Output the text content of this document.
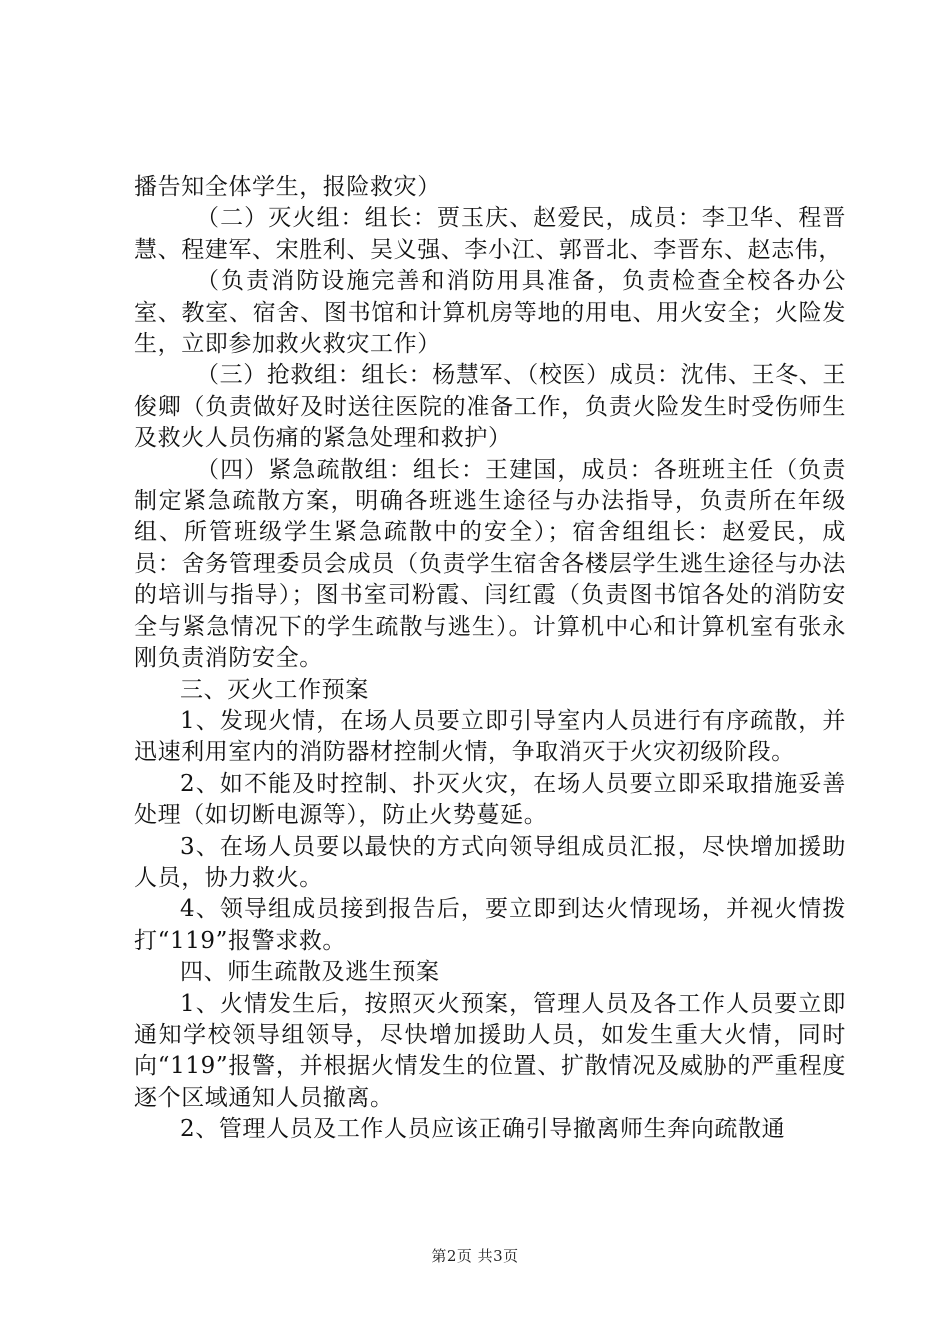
播告知全体学生，报险救灾）

（二）灭火组：组长：贾玉庆、赵爱民，成员：李卫华、程晋慧、程建军、宋胜利、吴义强、李小江、郭晋北、李晋东、赵志伟，

（负责消防设施完善和消防用具准备，负责检查全校各办公室、教室、宿舍、图书馆和计算机房等地的用电、用火安全；火险发生，立即参加救火救灾工作）

（三）抢救组：组长：杨慧军、（校医）成员：沈伟、王冬、王俊卿（负责做好及时送往医院的准备工作，负责火险发生时受伤师生及救火人员伤痛的紧急处理和救护）

（四）紧急疏散组：组长：王建国，成员：各班班主任（负责制定紧急疏散方案，明确各班逃生途径与办法指导，负责所在年级组、所管班级学生紧急疏散中的安全）；宿舍组组长：赵爱民，成员：舍务管理委员会成员（负责学生宿舍各楼层学生逃生途径与办法的培训与指导）；图书室司粉霞、闫红霞（负责图书馆各处的消防安全与紧急情况下的学生疏散与逃生）。计算机中心和计算机室有张永刚负责消防安全。

三、灭火工作预案

1、发现火情，在场人员要立即引导室内人员进行有序疏散，并迅速利用室内的消防器材控制火情，争取消灭于火灾初级阶段。

2、如不能及时控制、扑灭火灾，在场人员要立即采取措施妥善处理（如切断电源等），防止火势蔓延。

3、在场人员要以最快的方式向领导组成员汇报，尽快增加援助人员，协力救火。

4、领导组成员接到报告后，要立即到达火情现场，并视火情拨打“119”报警求救。

四、师生疏散及逃生预案

1、火情发生后，按照灭火预案，管理人员及各工作人员要立即通知学校领导组领导，尽快增加援助人员，如发生重大火情，同时向“119”报警，并根据火情发生的位置、扩散情况及威胁的严重程度逐个区域通知人员撤离。

2、管理人员及工作人员应该正确引导撤离师生奔向疏散通

第2页 共3页
